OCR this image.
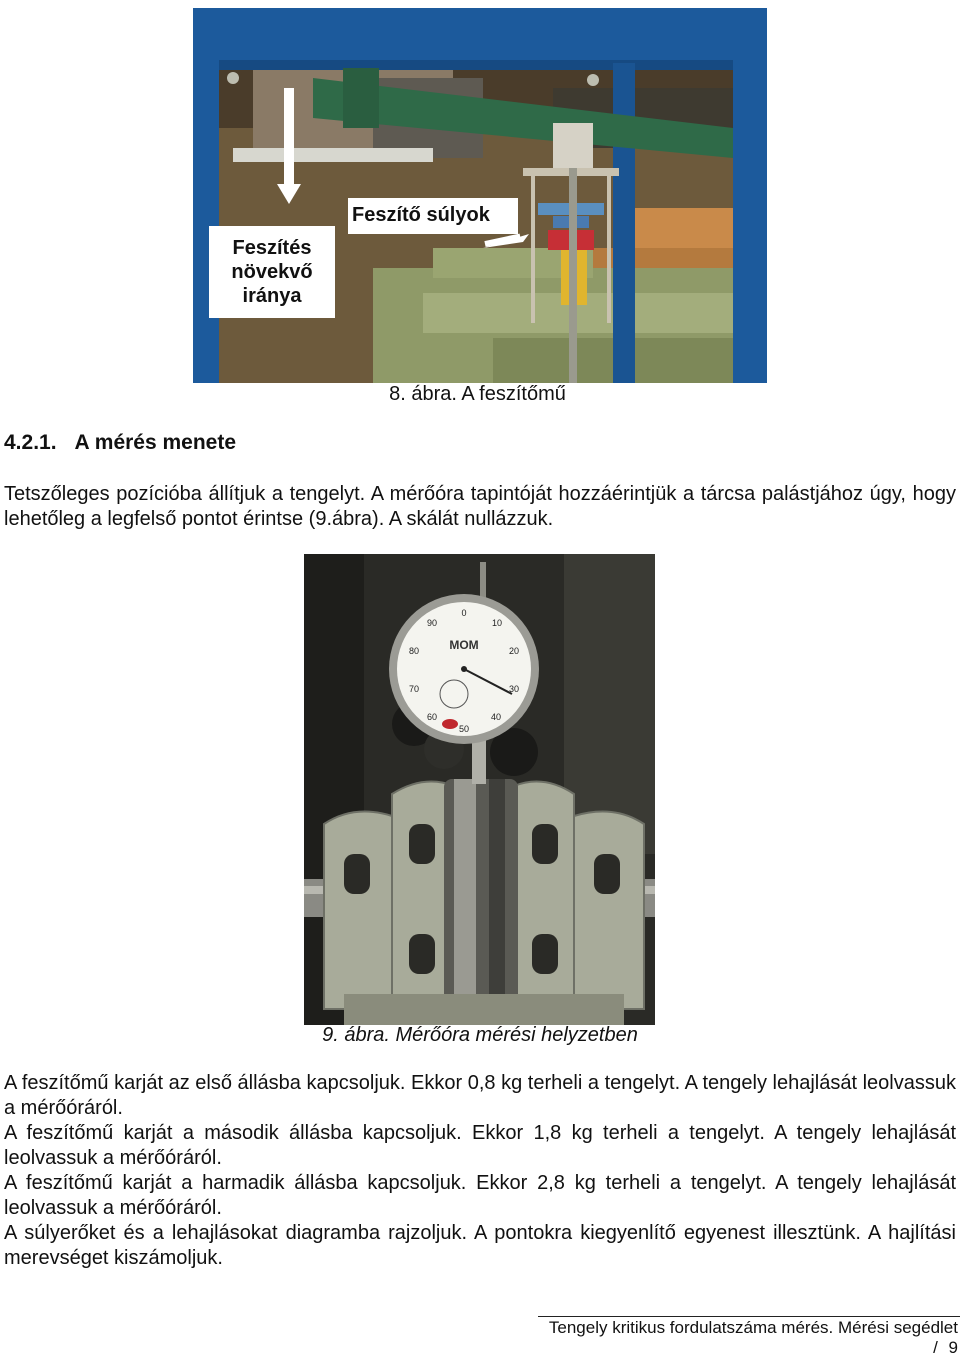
Feszítés
növekvő
iránya
Feszítő súlyok
8. ábra. A feszítőmű
4.2.1. A mérés menete

Tetszőleges pozícióba állítjuk a tengelyt. A mérőóra tapintóját hozzáérintjük a tárcsa palástjához úgy, hogy lehetőleg a legfelső pontot érintse (9.ábra). A skálát nullázzuk.

10
20
30
40
50
60
70
80
90
0
MOM
9. ábra. Mérőóra mérési helyzetben

A feszítőmű karját az első állásba kapcsoljuk. Ekkor 0,8 kg terheli a tengelyt. A tengely lehajlását leolvassuk a mérőóráról.

A feszítőmű karját a második állásba kapcsoljuk. Ekkor 1,8 kg terheli a tengelyt. A tengely lehajlását leolvassuk a mérőóráról.

A feszítőmű karját a harmadik állásba kapcsoljuk. Ekkor 2,8 kg terheli a tengelyt. A tengely lehajlását leolvassuk a mérőóráról.

A súlyerőket és a lehajlásokat diagramba rajzoljuk. A pontokra kiegyenlítő egyenest illesztünk. A hajlítási merevséget kiszámoljuk.

Tengely kritikus fordulatszáma mérés. Mérési segédlet / 9
